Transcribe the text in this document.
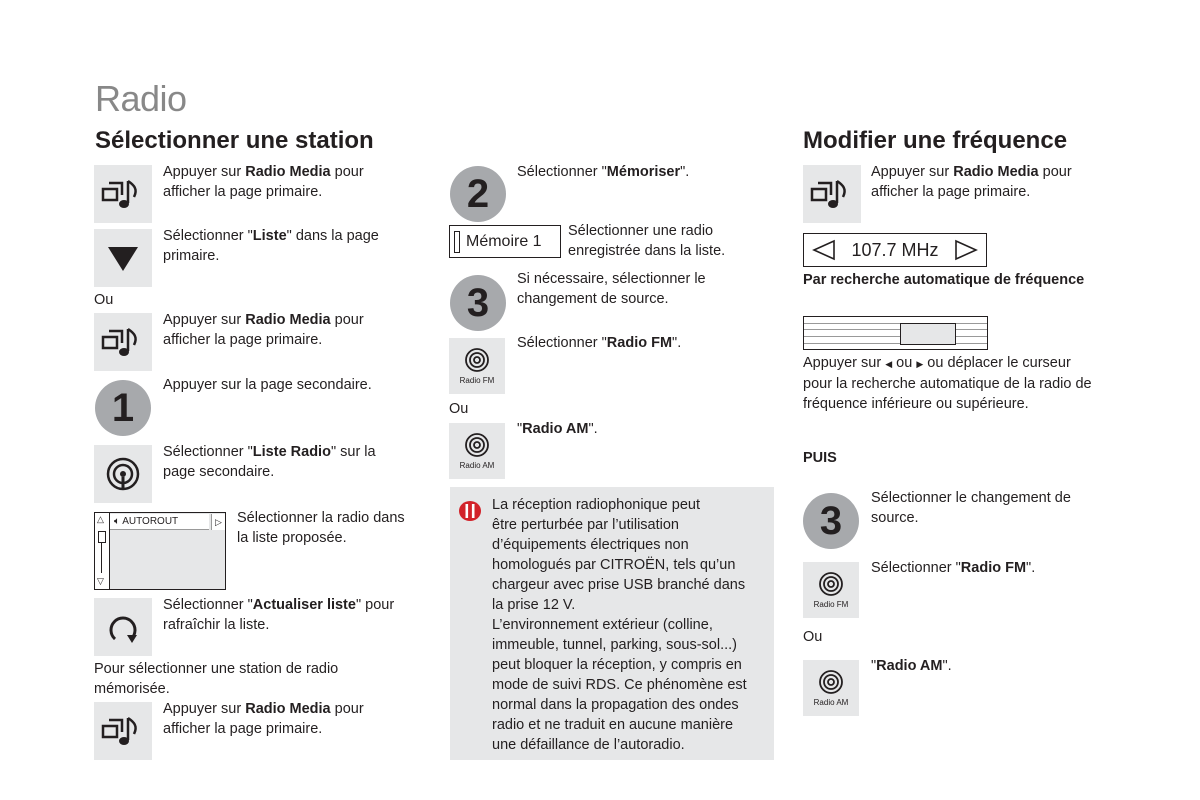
Radio
Sélectionner une station	Modifier une fréquence
Appuyer sur Radio Media pour
afficher la page primaire.
Sélectionner "Liste" dans la page
primaire.
Ou
Appuyer sur Radio Media pour
afficher la page primaire.
1
Appuyer sur la page secondaire.
Sélectionner "Liste Radio" sur la
page secondaire.
△
▽
🔈︎ AUTOROUT	▷ Sélectionner la radio dans
la liste proposée.
Sélectionner "Actualiser liste" pour
rafraîchir la liste.
Pour sélectionner une station de radio
mémorisée.
Appuyer sur Radio Media pour
afficher la page primaire.
2	Sélectionner "Mémoriser".
Mémoire 1
Sélectionner une radio
enregistrée dans la liste.
3
Si nécessaire, sélectionner le
changement de source.
Radio FM
Sélectionner "Radio FM".
Ou
Radio AM
"Radio AM".
La réception radiophonique peut
être perturbée par l’utilisation
d’équipements électriques non
homologués par CITROËN, tels qu’un
chargeur avec prise USB branché dans
la prise 12 V.
L’environnement extérieur (colline,
immeuble, tunnel, parking, sous-sol...)
peut bloquer la réception, y compris en
mode de suivi RDS. Ce phénomène est
normal dans la propagation des ondes
radio et ne traduit en aucune manière
une défaillance de l’autoradio.
Appuyer sur Radio Media pour
afficher la page primaire.
107.7 MHz
Par recherche automatique de fréquence
Appuyer sur ◀ ou ▶ ou déplacer le curseur
pour la recherche automatique de la radio de
fréquence inférieure ou supérieure.
PUIS
3
Sélectionner le changement de
source.
Radio FM
Sélectionner "Radio FM".
Ou
Radio AM
"Radio AM".
